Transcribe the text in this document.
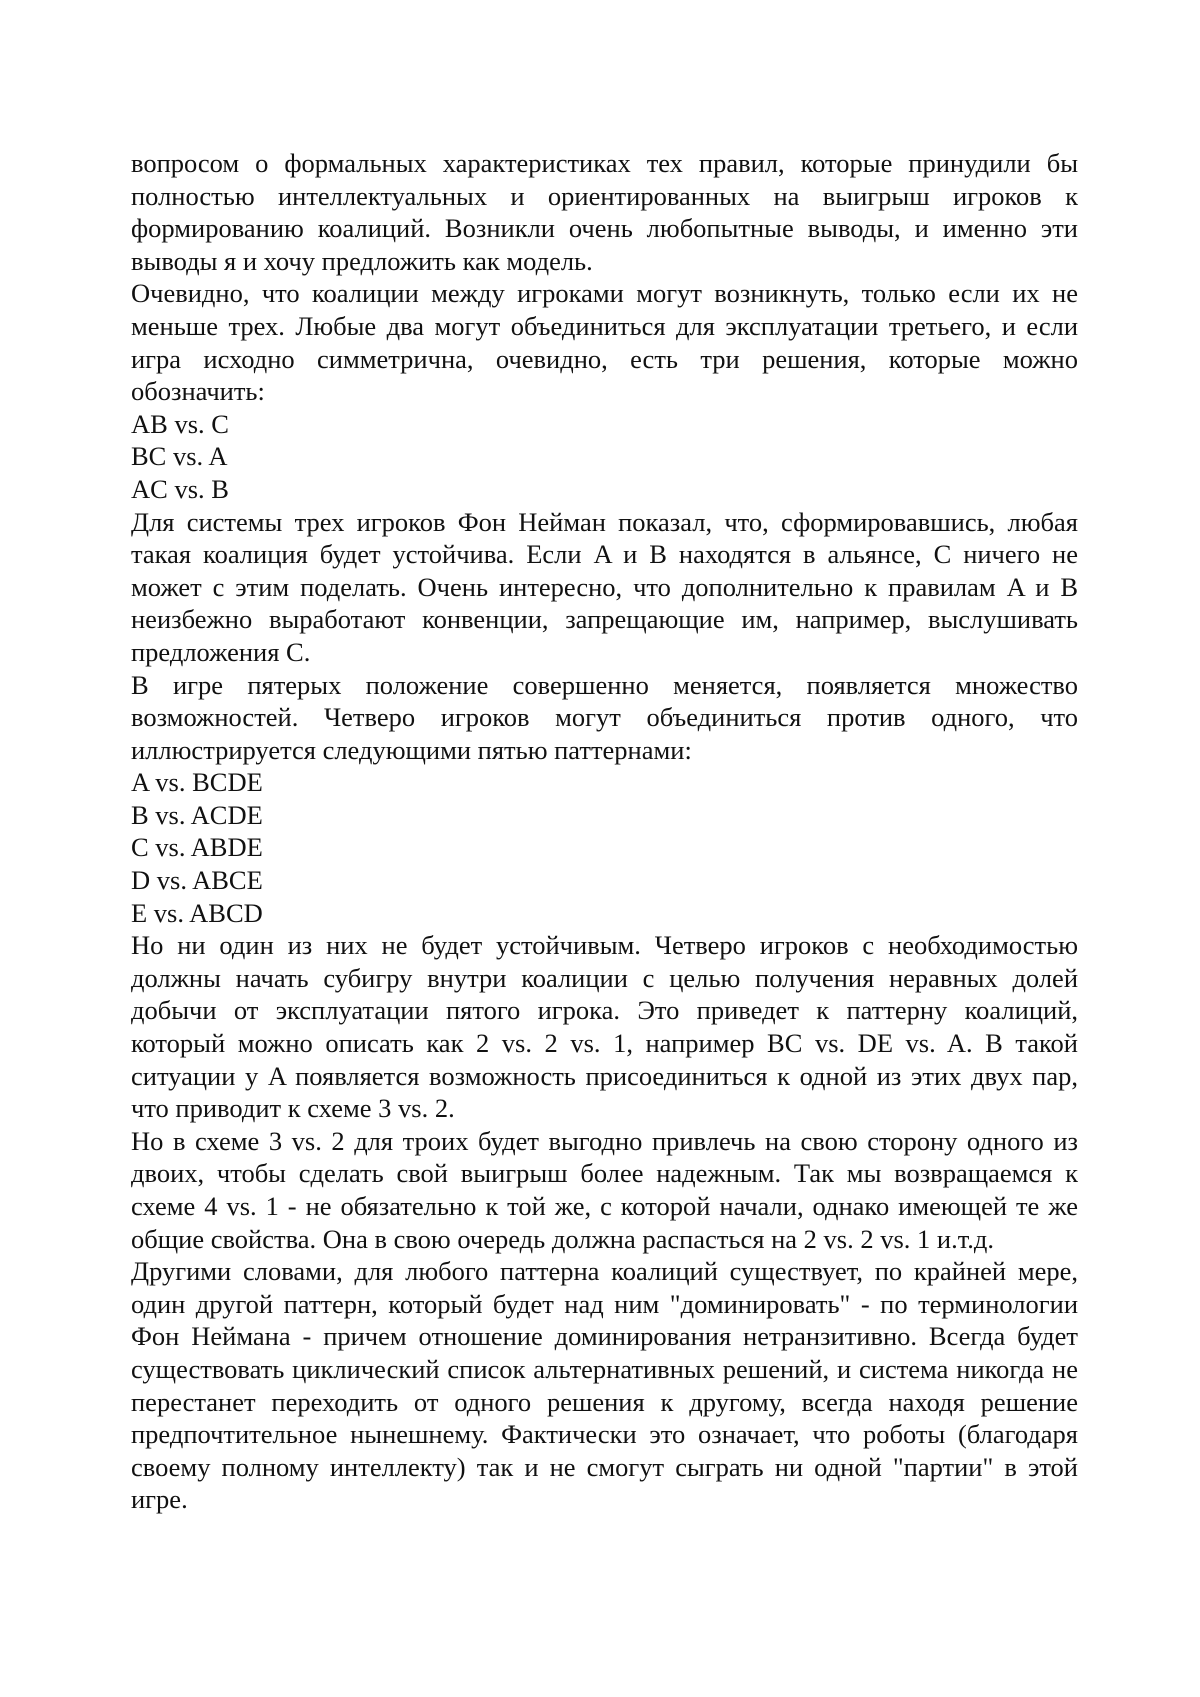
вопросом о формальных характеристиках тех правил, которые принудили бы полностью интеллектуальных и ориентированных на выигрыш игроков к формированию коалиций. Возникли очень любопытные выводы, и именно эти выводы я и хочу предложить как модель.

Очевидно, что коалиции между игроками могут возникнуть, только если их не меньше трех. Любые два могут объединиться для эксплуатации третьего, и если игра исходно симметрична, очевидно, есть три решения, которые можно обозначить:

AB vs. C

BC vs. A

AC vs. B

Для системы трех игроков Фон Нейман показал, что, сформировавшись, любая такая коалиция будет устойчива. Если A и B находятся в альянсе, C ничего не может с этим поделать. Очень интересно, что дополнительно к правилам A и B неизбежно выработают конвенции, запрещающие им, например, выслушивать предложения C.

В игре пятерых положение совершенно меняется, появляется множество возможностей. Четверо игроков могут объединиться против одного, что иллюстрируется следующими пятью паттернами:

A vs. BCDE

B vs. ACDE

C vs. ABDE

D vs. ABCE

E vs. ABCD

Но ни один из них не будет устойчивым. Четверо игроков с необходимостью должны начать субигру внутри коалиции с целью получения неравных долей добычи от эксплуатации пятого игрока. Это приведет к паттерну коалиций, который можно описать как 2 vs. 2 vs. 1, например BC vs. DE vs. A. В такой ситуации у A появляется возможность присоединиться к одной из этих двух пар, что приводит к схеме 3 vs. 2.

Но в схеме 3 vs. 2 для троих будет выгодно привлечь на свою сторону одного из двоих, чтобы сделать свой выигрыш более надежным. Так мы возвращаемся к схеме 4 vs. 1 - не обязательно к той же, с которой начали, однако имеющей те же общие свойства. Она в свою очередь должна распасться на 2 vs. 2 vs. 1 и.т.д.

Другими словами, для любого паттерна коалиций существует, по крайней мере, один другой паттерн, который будет над ним "доминировать" - по терминологии Фон Неймана - причем отношение доминирования нетранзитивно. Всегда будет существовать циклический список альтернативных решений, и система никогда не перестанет переходить от одного решения к другому, всегда находя решение предпочтительное нынешнему. Фактически это означает, что роботы (благодаря своему полному интеллекту) так и не смогут сыграть ни одной "партии" в этой игре.
